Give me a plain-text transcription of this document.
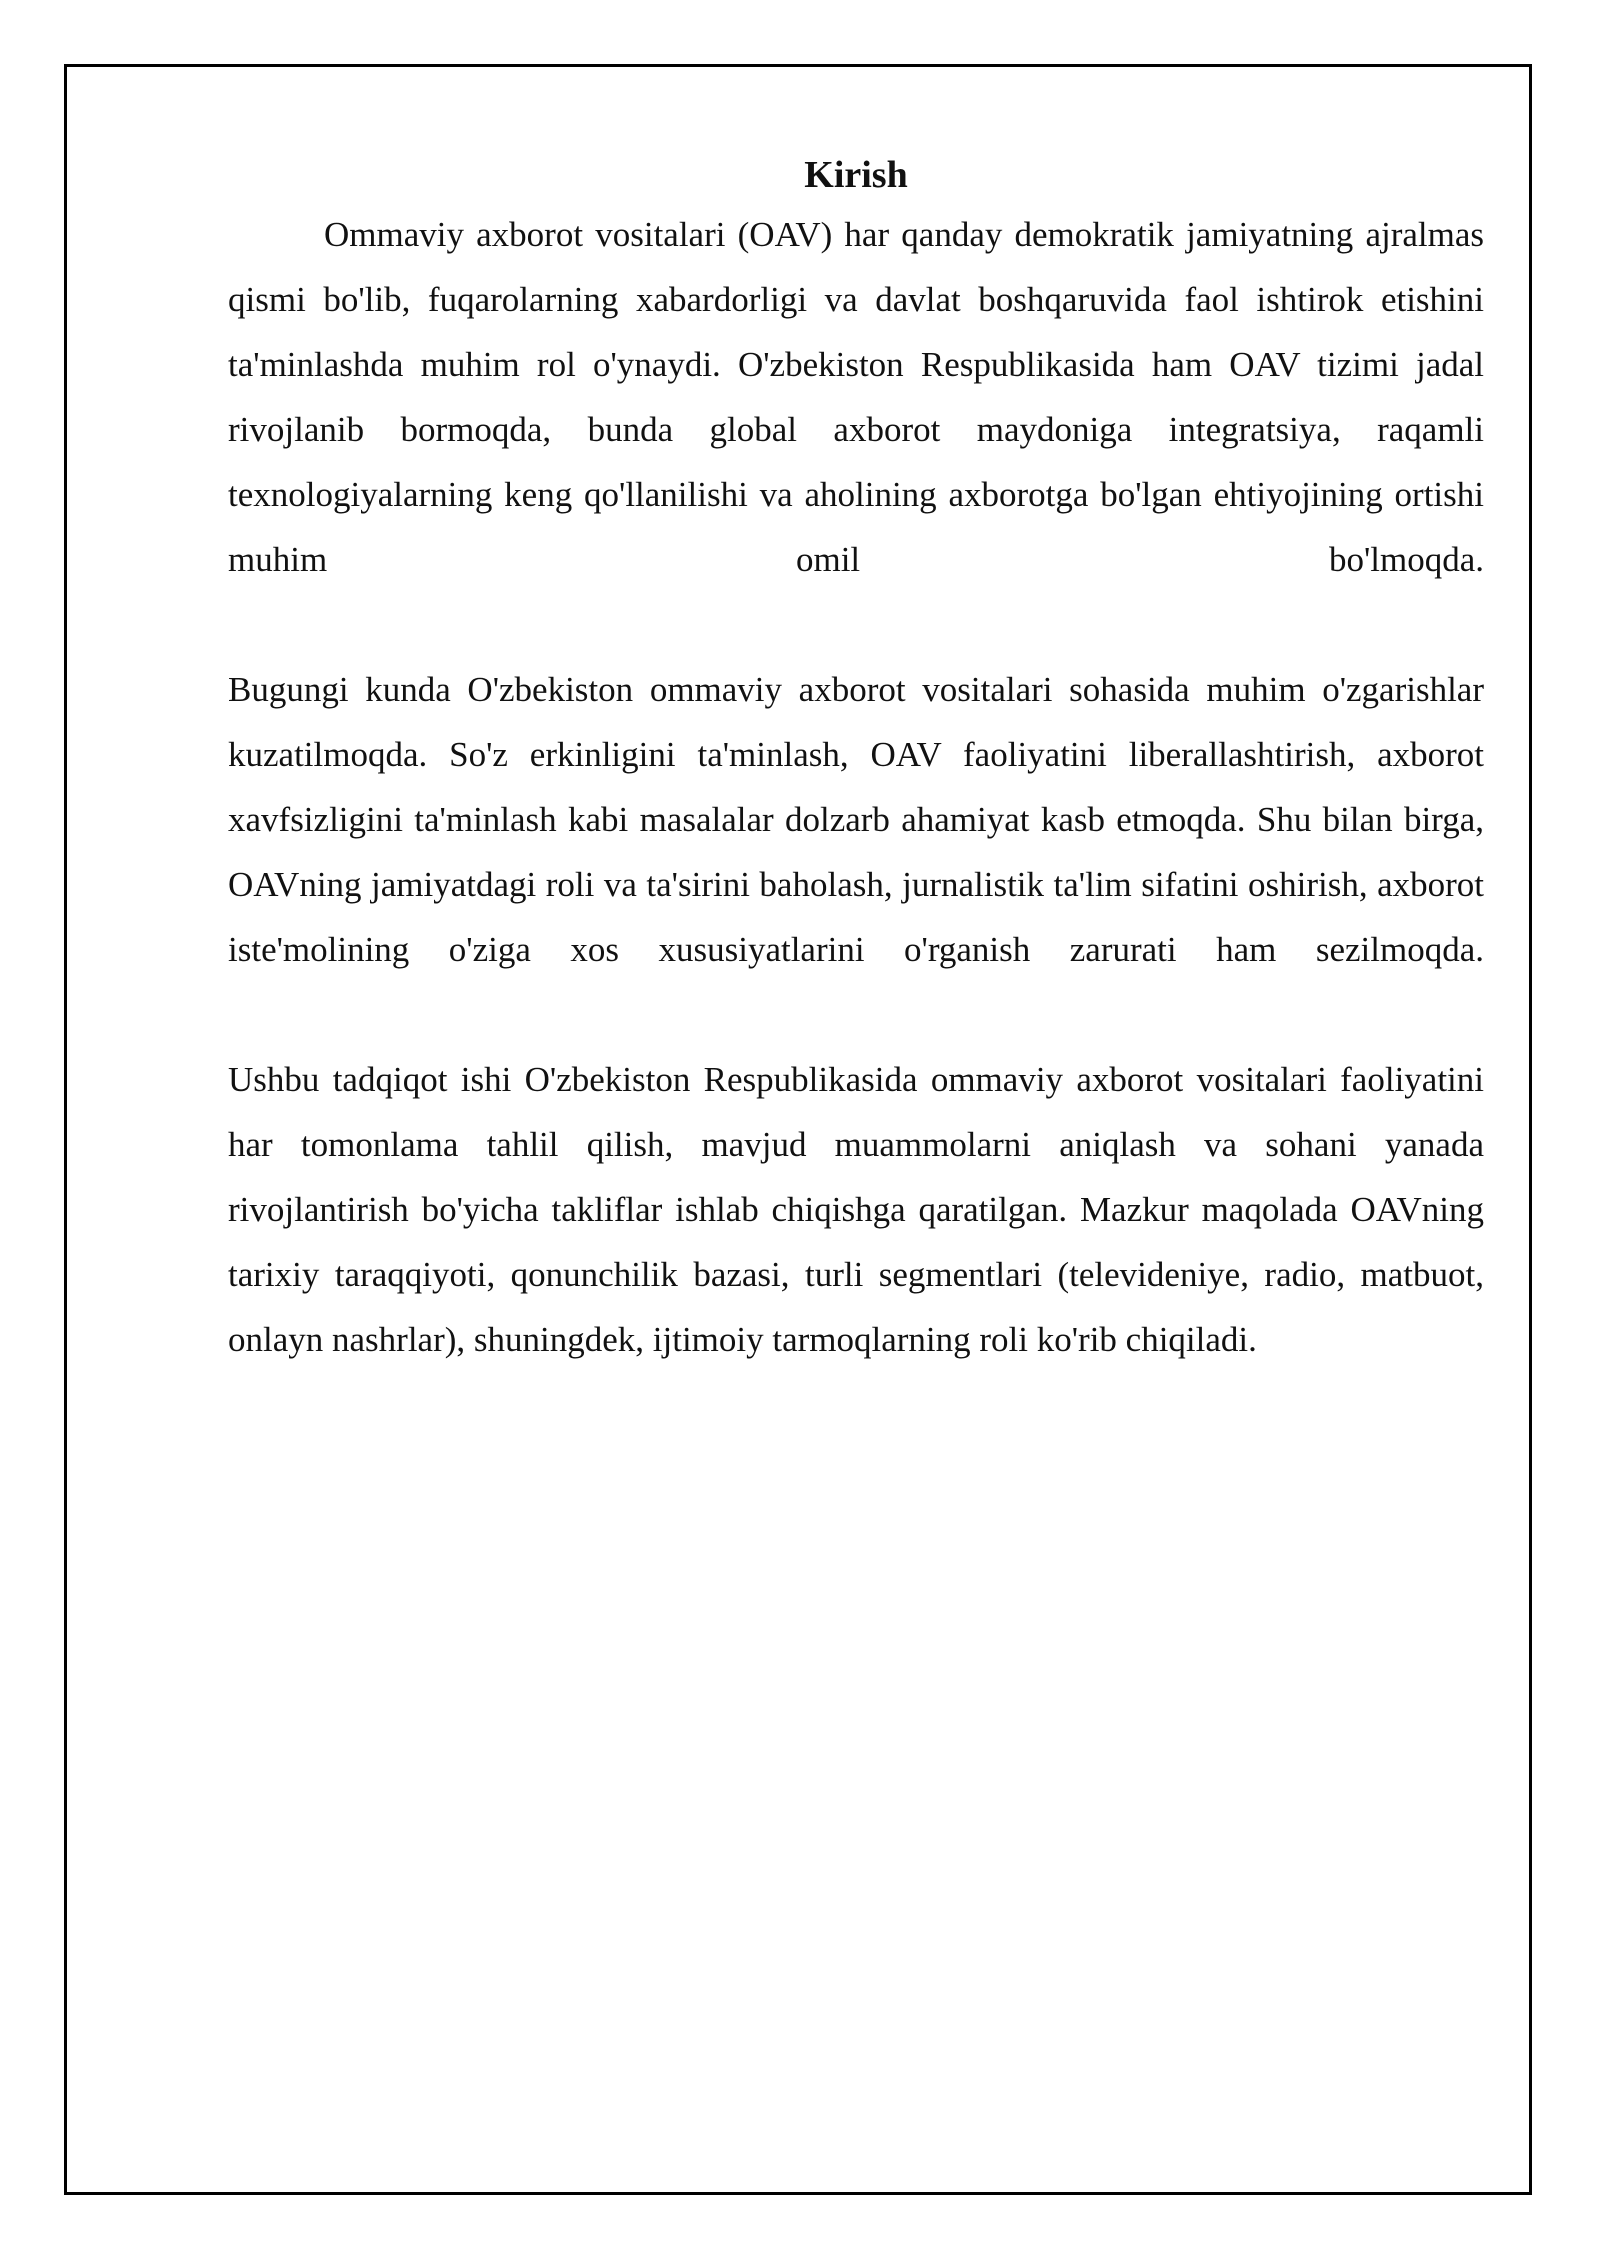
Kirish

Ommaviy axborot vositalari (OAV) har qanday demokratik jamiyatning ajralmas qismi bo'lib, fuqarolarning xabardorligi va davlat boshqaruvida faol ishtirok etishini ta'minlashda muhim rol o'ynaydi. O'zbekiston Respublikasida ham OAV tizimi jadal rivojlanib bormoqda, bunda global axborot maydoniga integratsiya, raqamli texnologiyalarning keng qo'llanilishi va aholining axborotga bo'lgan ehtiyojining ortishi muhim omil bo'lmoqda.

Bugungi kunda O'zbekiston ommaviy axborot vositalari sohasida muhim o'zgarishlar kuzatilmoqda. So'z erkinligini ta'minlash, OAV faoliyatini liberallashtirish, axborot xavfsizligini ta'minlash kabi masalalar dolzarb ahamiyat kasb etmoqda. Shu bilan birga, OAVning jamiyatdagi roli va ta'sirini baholash, jurnalistik ta'lim sifatini oshirish, axborot iste'molining o'ziga xos xususiyatlarini o'rganish zarurati ham sezilmoqda.

Ushbu tadqiqot ishi O'zbekiston Respublikasida ommaviy axborot vositalari faoliyatini har tomonlama tahlil qilish, mavjud muammolarni aniqlash va sohani yanada rivojlantirish bo'yicha takliflar ishlab chiqishga qaratilgan. Mazkur maqolada OAVning tarixiy taraqqiyoti, qonunchilik bazasi, turli segmentlari (televideniye, radio, matbuot, onlayn nashrlar), shuningdek, ijtimoiy tarmoqlarning roli ko'rib chiqiladi.
